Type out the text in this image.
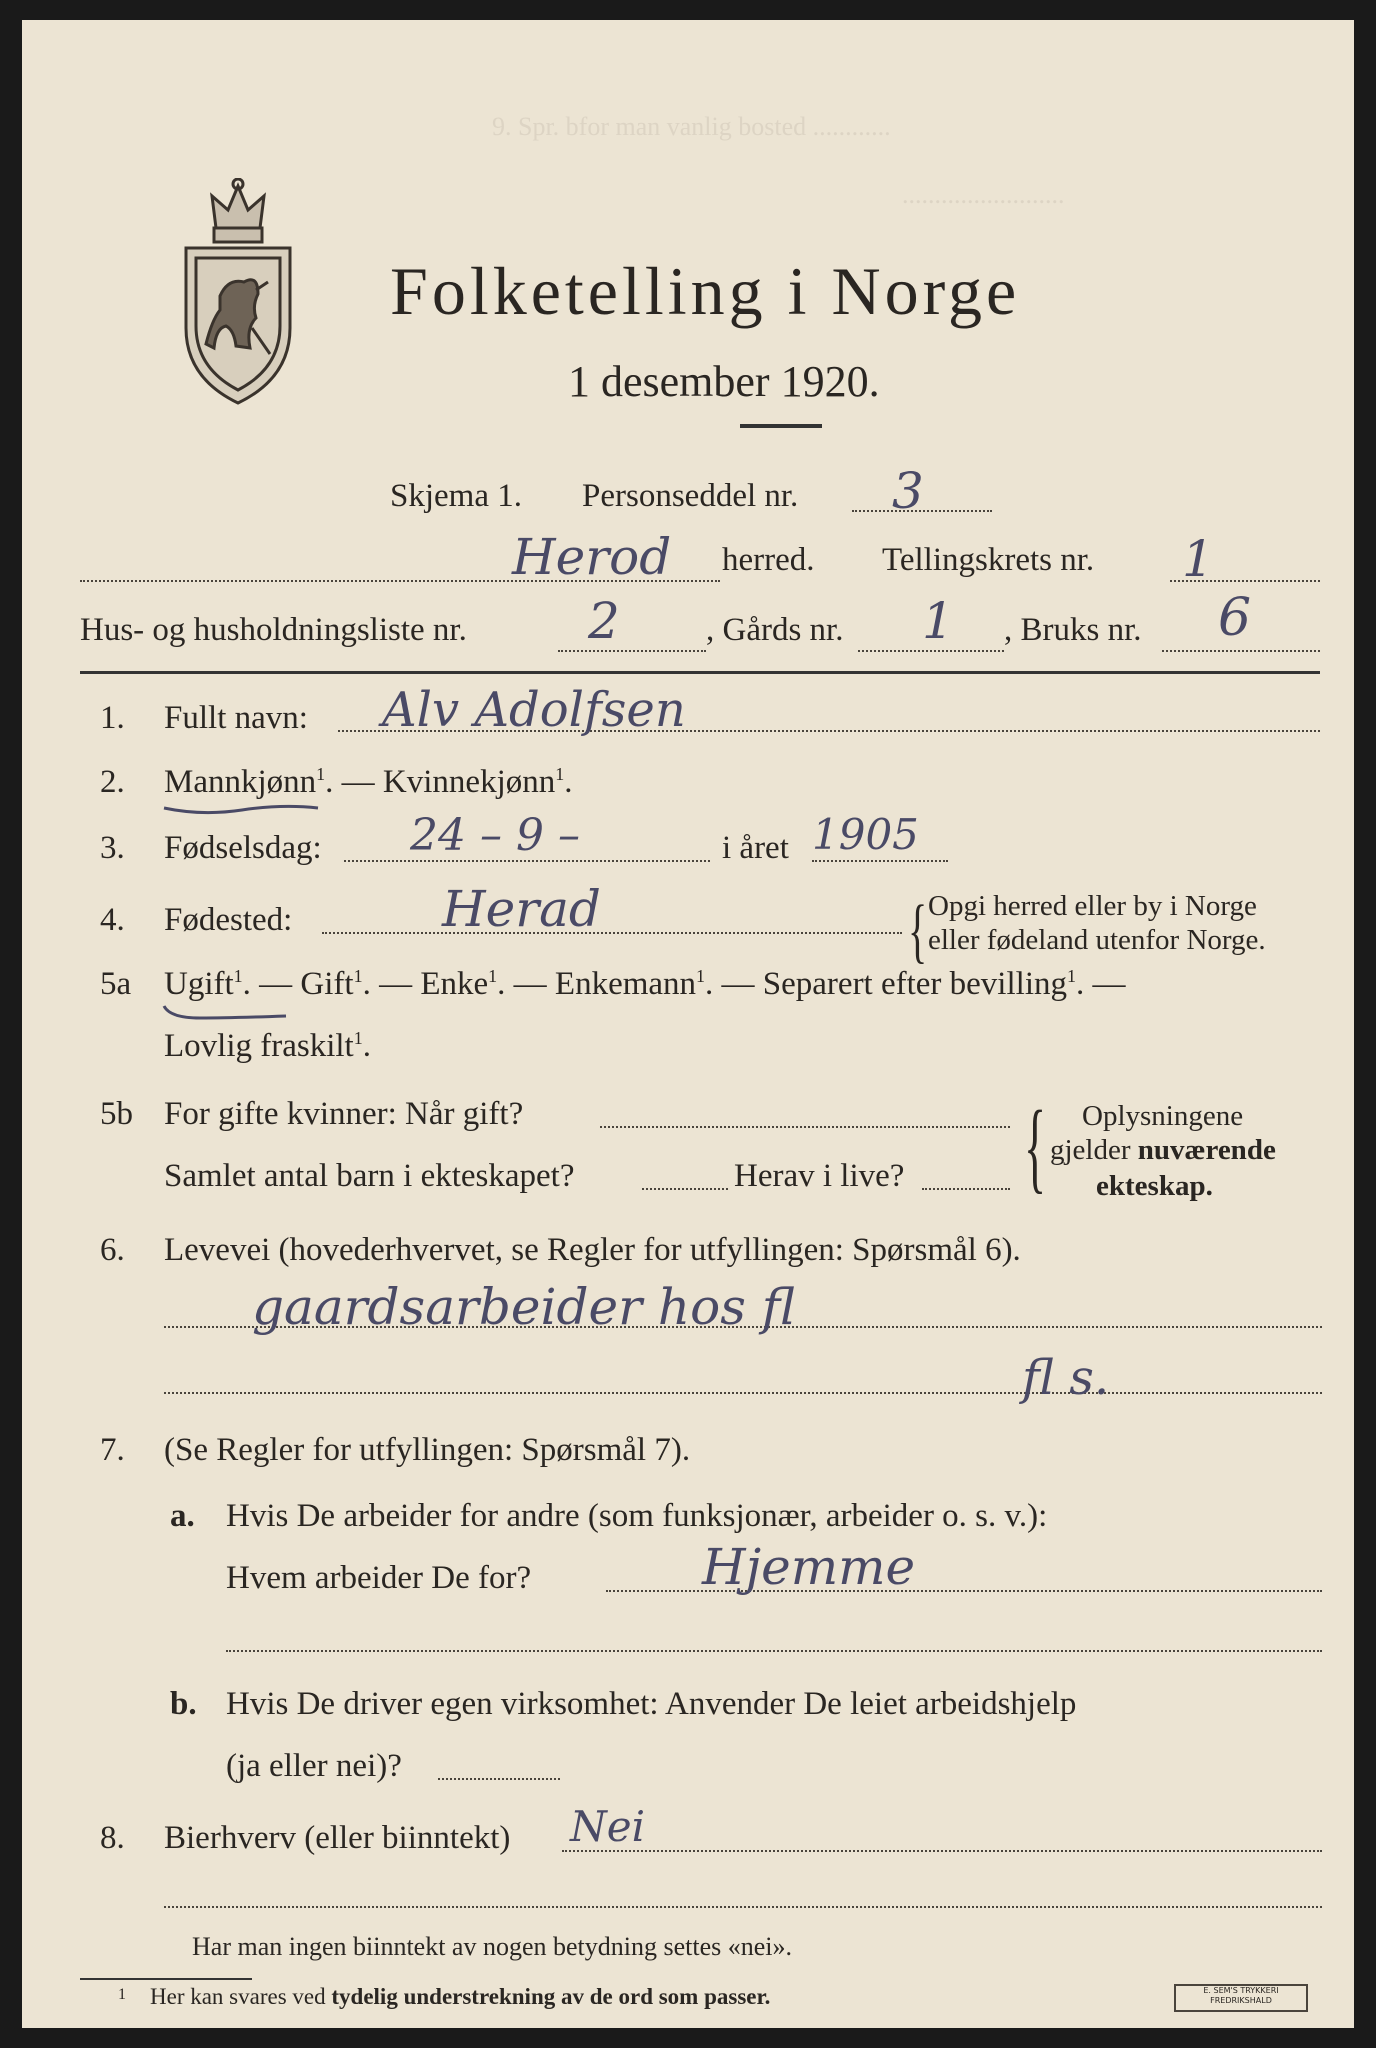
9. Spr. bfor man vanlig bosted ............
.........................
Folketelling i Norge
1 desember 1920.
Skjema 1. Personseddel nr. 3
Herod herred. Tellingskrets nr. 1
Hus- og husholdningsliste nr. 2	, Gårds nr. 1 , Bruks nr. 6
1. Fullt navn: Alv Adolfsen
2. Mannkjønn$^1$. — Kvinnekjønn$^1$.
3. Fødselsdag: 24 – 9 –	i året 1905
4. Fødested:	Herad	{ Opgi herred eller by i Norge
eller fødeland utenfor Norge.
5a Ugift$^1$. — Gift$^1$. — Enke$^1$. — Enkemann$^1$. — Separert efter bevilling$^1$. —
Lovlig fraskilt$^1$.
5b For gifte kvinner: Når gift?
Samlet antal barn i ekteskapet?	Herav i live?	{ Oplysningene
gjelder nuværende
ekteskap.
6. Levevei (hovederhvervet, se Regler for utfyllingen: Spørsmål 6).
gaardsarbeider hos fl
fl s.
7. (Se Regler for utfyllingen: Spørsmål 7).
a. Hvis De arbeider for andre (som funksjonær, arbeider o. s. v.):
Hvem arbeider De for?	Hjemme
b. Hvis De driver egen virksomhet: Anvender De leiet arbeidshjelp
(ja eller nei)?
8. Bierhverv (eller biinntekt) Nei
Har man ingen biinntekt av nogen betydning settes «nei».
1 Her kan svares ved tydelig understrekning av de ord som passer.	E. SEM'S TRYKKERI
FREDRIKSHALD
